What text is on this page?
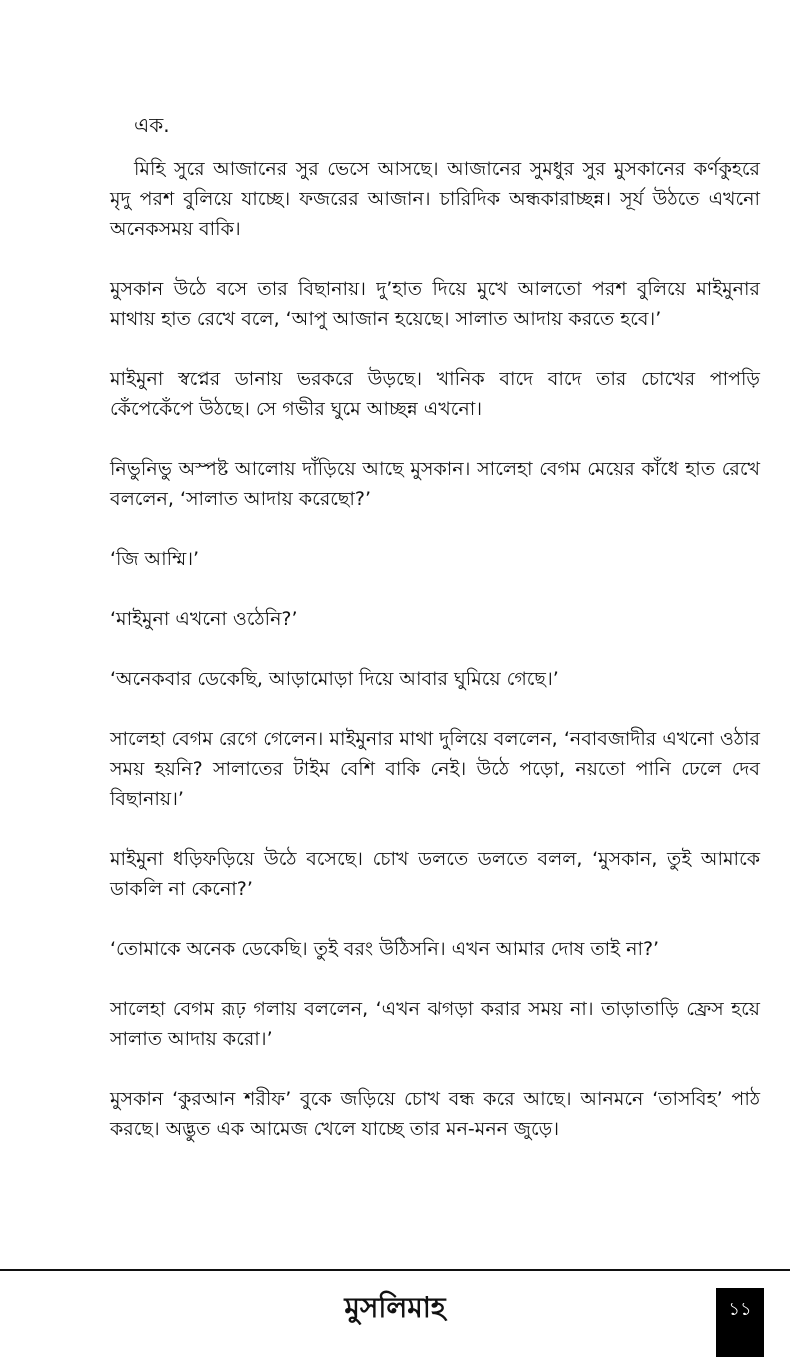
এক.

মিহি সুরে আজানের সুর ভেসে আসছে। আজানের সুমধুর সুর মুসকানের কর্ণকুহরে মৃদু পরশ বুলিয়ে যাচ্ছে। ফজরের আজান। চারিদিক অন্ধকারাচ্ছন্ন। সূর্য উঠতে এখনো অনেকসময় বাকি।

মুসকান উঠে বসে তার বিছানায়। দু’হাত দিয়ে মুখে আলতো পরশ বুলিয়ে মাইমুনার মাথায় হাত রেখে বলে, ‘আপু আজান হয়েছে। সালাত আদায় করতে হবে।’

মাইমুনা স্বপ্নের ডানায় ভরকরে উড়ছে। খানিক বাদে বাদে তার চোখের পাপড়ি কেঁপেকেঁপে উঠছে। সে গভীর ঘুমে আচ্ছন্ন এখনো।

নিভুনিভু অস্পষ্ট আলোয় দাঁড়িয়ে আছে মুসকান। সালেহা বেগম মেয়ের কাঁধে হাত রেখে বললেন, ‘সালাত আদায় করেছো?’

‘জি আম্মি।’

‘মাইমুনা এখনো ওঠেনি?’

‘অনেকবার ডেকেছি, আড়ামোড়া দিয়ে আবার ঘুমিয়ে গেছে।’

সালেহা বেগম রেগে গেলেন। মাইমুনার মাথা দুলিয়ে বললেন, ‘নবাবজাদীর এখনো ওঠার সময় হয়নি? সালাতের টাইম বেশি বাকি নেই। উঠে পড়ো, নয়তো পানি ঢেলে দেব বিছানায়।’

মাইমুনা ধড়িফড়িয়ে উঠে বসেছে। চোখ ডলতে ডলতে বলল, ‘মুসকান, তুই আমাকে ডাকলি না কেনো?’

‘তোমাকে অনেক ডেকেছি। তুই বরং উঠিসনি। এখন আমার দোষ তাই না?’

সালেহা বেগম রূঢ় গলায় বললেন, ‘এখন ঝগড়া করার সময় না। তাড়াতাড়ি ফ্রেস হয়ে সালাত আদায় করো।’

মুসকান ‘কুরআন শরীফ’ বুকে জড়িয়ে চোখ বন্ধ করে আছে। আনমনে ‘তাসবিহ’ পাঠ করছে। অদ্ভুত এক আমেজ খেলে যাচ্ছে তার মন-মনন জুড়ে।

মুসলিমাহ	১১
